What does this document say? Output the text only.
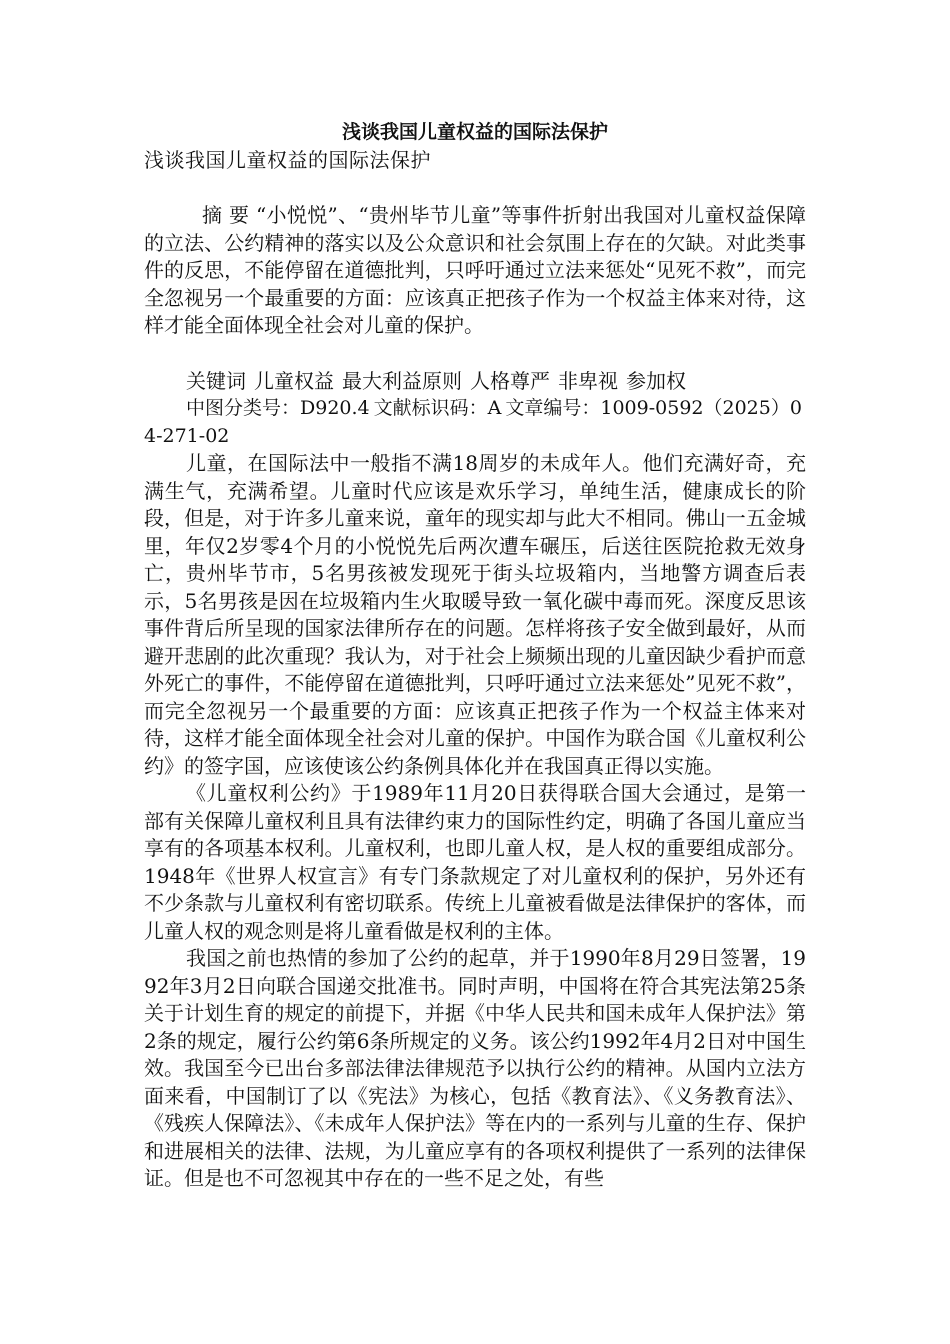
浅谈我国儿童权益的国际法保护

浅谈我国儿童权益的国际法保护

摘 要 “小悦悦”、“贵州毕节儿童”等事件折射出我国对儿童权益保障的立法、公约精神的落实以及公众意识和社会氛围上存在的欠缺。对此类事件的反思，不能停留在道德批判，只呼吁通过立法来惩处“见死不救”，而完全忽视另一个最重要的方面：应该真正把孩子作为一个权益主体来对待，这样才能全面体现全社会对儿童的保护。

关键词 儿童权益 最大利益原则 人格尊严 非卑视 参加权

中图分类号：D920.4 文献标识码：A 文章编号：1009-0592（2025）04-271-02

儿童，在国际法中一般指不满18周岁的未成年人。他们充满好奇，充满生气，充满希望。儿童时代应该是欢乐学习，单纯生活，健康成长的阶段，但是，对于许多儿童来说，童年的现实却与此大不相同。佛山一五金城里，年仅2岁零4个月的小悦悦先后两次遭车碾压，后送往医院抢救无效身亡，贵州毕节市，5名男孩被发现死于街头垃圾箱内，当地警方调查后表示，5名男孩是因在垃圾箱内生火取暖导致一氧化碳中毒而死。深度反思该事件背后所呈现的国家法律所存在的问题。怎样将孩子安全做到最好，从而避开悲剧的此次重现？我认为，对于社会上频频出现的儿童因缺少看护而意外死亡的事件，不能停留在道德批判，只呼吁通过立法来惩处”见死不救”，而完全忽视另一个最重要的方面：应该真正把孩子作为一个权益主体来对待，这样才能全面体现全社会对儿童的保护。中国作为联合国《儿童权利公约》的签字国，应该使该公约条例具体化并在我国真正得以实施。

《儿童权利公约》于1989年11月20日获得联合国大会通过，是第一部有关保障儿童权利且具有法律约束力的国际性约定，明确了各国儿童应当享有的各项基本权利。儿童权利，也即儿童人权，是人权的重要组成部分。1948年《世界人权宣言》有专门条款规定了对儿童权利的保护，另外还有不少条款与儿童权利有密切联系。传统上儿童被看做是法律保护的客体，而儿童人权的观念则是将儿童看做是权利的主体。

我国之前也热情的参加了公约的起草，并于1990年8月29日签署，1992年3月2日向联合国递交批准书。同时声明，中国将在符合其宪法第25条关于计划生育的规定的前提下，并据《中华人民共和国未成年人保护法》第2条的规定，履行公约第6条所规定的义务。该公约1992年4月2日对中国生效。我国至今已出台多部法律法律规范予以执行公约的精神。从国内立法方面来看，中国制订了以《宪法》为核心，包括《教育法》、《义务教育法》、《残疾人保障法》、《未成年人保护法》等在内的一系列与儿童的生存、保护和进展相关的法律、法规，为儿童应享有的各项权利提供了一系列的法律保证。但是也不可忽视其中存在的一些不足之处，有些
